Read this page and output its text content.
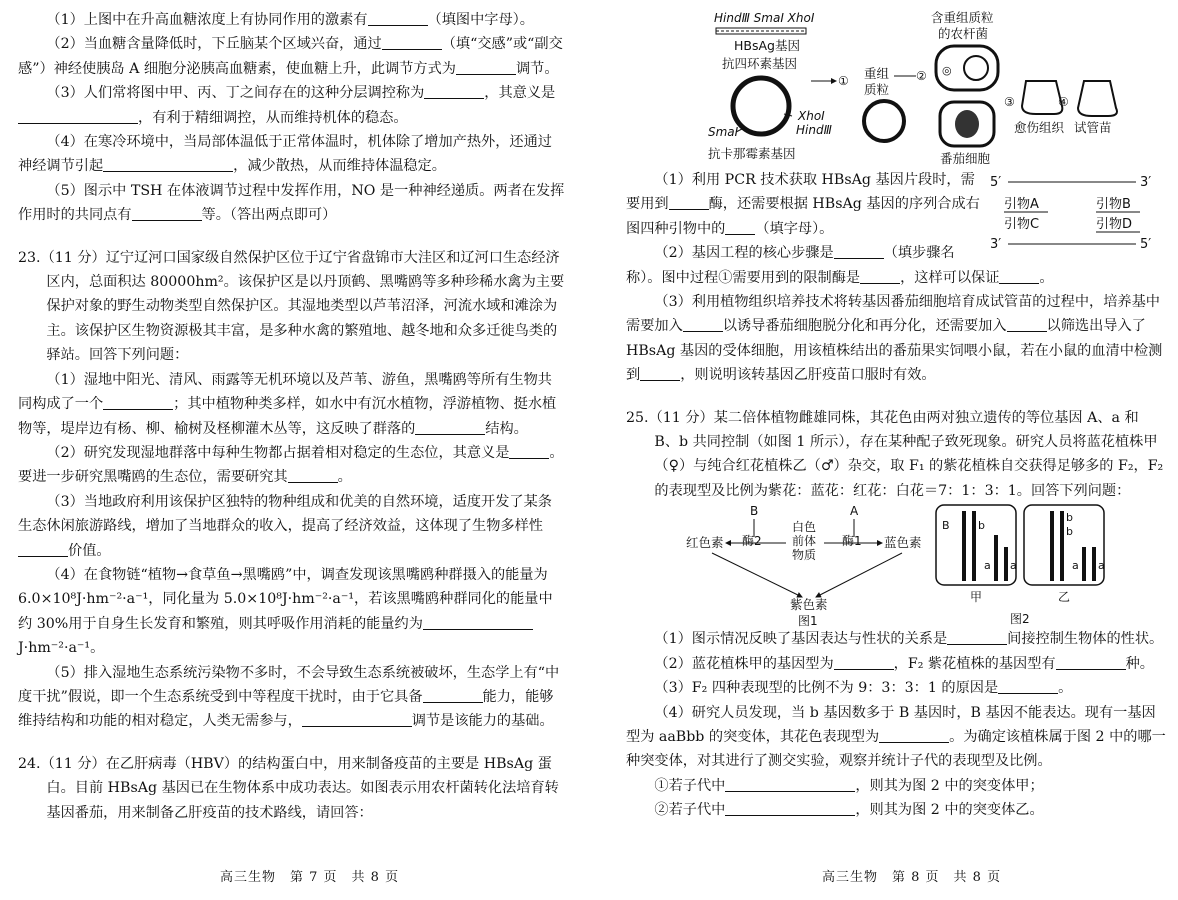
（1）上图中在升高血糖浓度上有协同作用的激素有	（填图中字母）。

（2）当血糖含量降低时，下丘脑某个区域兴奋，通过	（填“交感”或“副交感”）神经使胰岛 A 细胞分泌胰高血糖素，使血糖上升，此调节方式为	调节。

（3）人们常将图中甲、丙、丁之间存在的这种分层调控称为	，其意义是，有利于精细调控，从而维持机体的稳态。

（4）在寒冷环境中，当局部体温低于正常体温时，机体除了增加产热外，还通过神经调节引起	，减少散热，从而维持体温稳定。

（5）图示中 TSH 在体液调节过程中发挥作用，NO 是一种神经递质。两者在发挥作用时的共同点有	等。（答出两点即可）

23.（11 分）辽宁辽河口国家级自然保护区位于辽宁省盘锦市大洼区和辽河口生态经济区内，总面积达 80000hm²。该保护区是以丹顶鹤、黑嘴鸥等多种珍稀水禽为主要保护对象的野生动物类型自然保护区。其湿地类型以芦苇沼泽，河流水域和滩涂为主。该保护区生物资源极其丰富，是多种水禽的繁殖地、越冬地和众多迁徙鸟类的驿站。回答下列问题：

（1）湿地中阳光、清风、雨露等无机环境以及芦苇、游鱼，黑嘴鸥等所有生物共同构成了一个	；其中植物种类多样，如水中有沉水植物，浮游植物、挺水植物等，堤岸边有杨、柳、榆树及柽柳灌木丛等，这反映了群落的	结构。

（2）研究发现湿地群落中每种生物都占据着相对稳定的生态位，其意义是	。要进一步研究黑嘴鸥的生态位，需要研究其	。

（3）当地政府利用该保护区独特的物种组成和优美的自然环境，适度开发了某条生态休闲旅游路线，增加了当地群众的收入，提高了经济效益，这体现了生物多样性价值。

（4）在食物链“植物→食草鱼→黑嘴鸥”中，调查发现该黑嘴鸥种群摄入的能量为 6.0×10⁸J·hm⁻²·a⁻¹，同化量为 5.0×10⁸J·hm⁻²·a⁻¹，若该黑嘴鸥种群同化的能量中约 30%用于自身生长发育和繁殖，则其呼吸作用消耗的能量约为J·hm⁻²·a⁻¹。

（5）排入湿地生态系统污染物不多时，不会导致生态系统被破坏，生态学上有“中度干扰”假说，即一个生态系统受到中等程度干扰时，由于它具备	能力，能够维持结构和功能的相对稳定，人类无需参与，	调节是该能力的基础。

24.（11 分）在乙肝病毒（HBV）的结构蛋白中，用来制备疫苗的主要是 HBsAg 蛋白。目前 HBsAg 基因已在生物体系中成功表达。如图表示用农杆菌转化法培育转基因番茄，用来制备乙肝疫苗的技术路线，请回答：

高三生物　第 7 页　共 8 页
HindⅢ SmaⅠ XhoⅠ
HBsAg基因
抗四环素基因
XhoⅠ
HindⅢ
SmaⅠ
抗卡那霉素基因
① 重组
质粒
②
含重组质粒
的农杆菌
◎
番茄细胞
③	④
愈伤组织 试管苗
5′	3′
引物A	引物B
引物C	引物D
3′	5′

（1）利用 PCR 技术获取 HBsAg 基因片段时，需要用到	酶，还需要根据 HBsAg 基因的序列合成右图四种引物中的 （填字母）。

（2）基因工程的核心步骤是	（填步骤名称）。图中过程①需要用到的限制酶是	，这样可以保证	。

（3）利用植物组织培养技术将转基因番茄细胞培育成试管苗的过程中，培养基中需要加入	以诱导番茄细胞脱分化和再分化，还需要加入	以筛选出导入了 HBsAg 基因的受体细胞，用该植株结出的番茄果实饲喂小鼠，若在小鼠的血清中检测到	，则说明该转基因乙肝疫苗口服时有效。

25.（11 分）某二倍体植物雌雄同株，其花色由两对独立遗传的等位基因 A、a 和 B、b 共同控制（如图 1 所示），存在某种配子致死现象。研究人员将蓝花植株甲（♀）与纯合红花植株乙（♂）杂交，取 F₁ 的紫花植株自交获得足够多的 F₂，F₂ 的表现型及比例为紫花：蓝花：红花：白花＝7：1：3：1。回答下列问题：

B	A
酶2	酶1
白色
前体
物质
红色素	蓝色素
紫色素
图1
B	b
a a
甲
b
b
a a
乙
图2

（1）图示情况反映了基因表达与性状的关系是	间接控制生物体的性状。

（2）蓝花植株甲的基因型为	，F₂ 紫花植株的基因型有	种。

（3）F₂ 四种表现型的比例不为 9：3：3：1 的原因是	。

（4）研究人员发现，当 b 基因数多于 B 基因时，B 基因不能表达。现有一基因型为 aaBbb 的突变体，其花色表现型为	。为确定该植株属于图 2 中的哪一种突变体，对其进行了测交实验，观察并统计子代的表现型及比例。

①若子代中	，则其为图 2 中的突变体甲；

②若子代中	，则其为图 2 中的突变体乙。

高三生物　第 8 页　共 8 页
